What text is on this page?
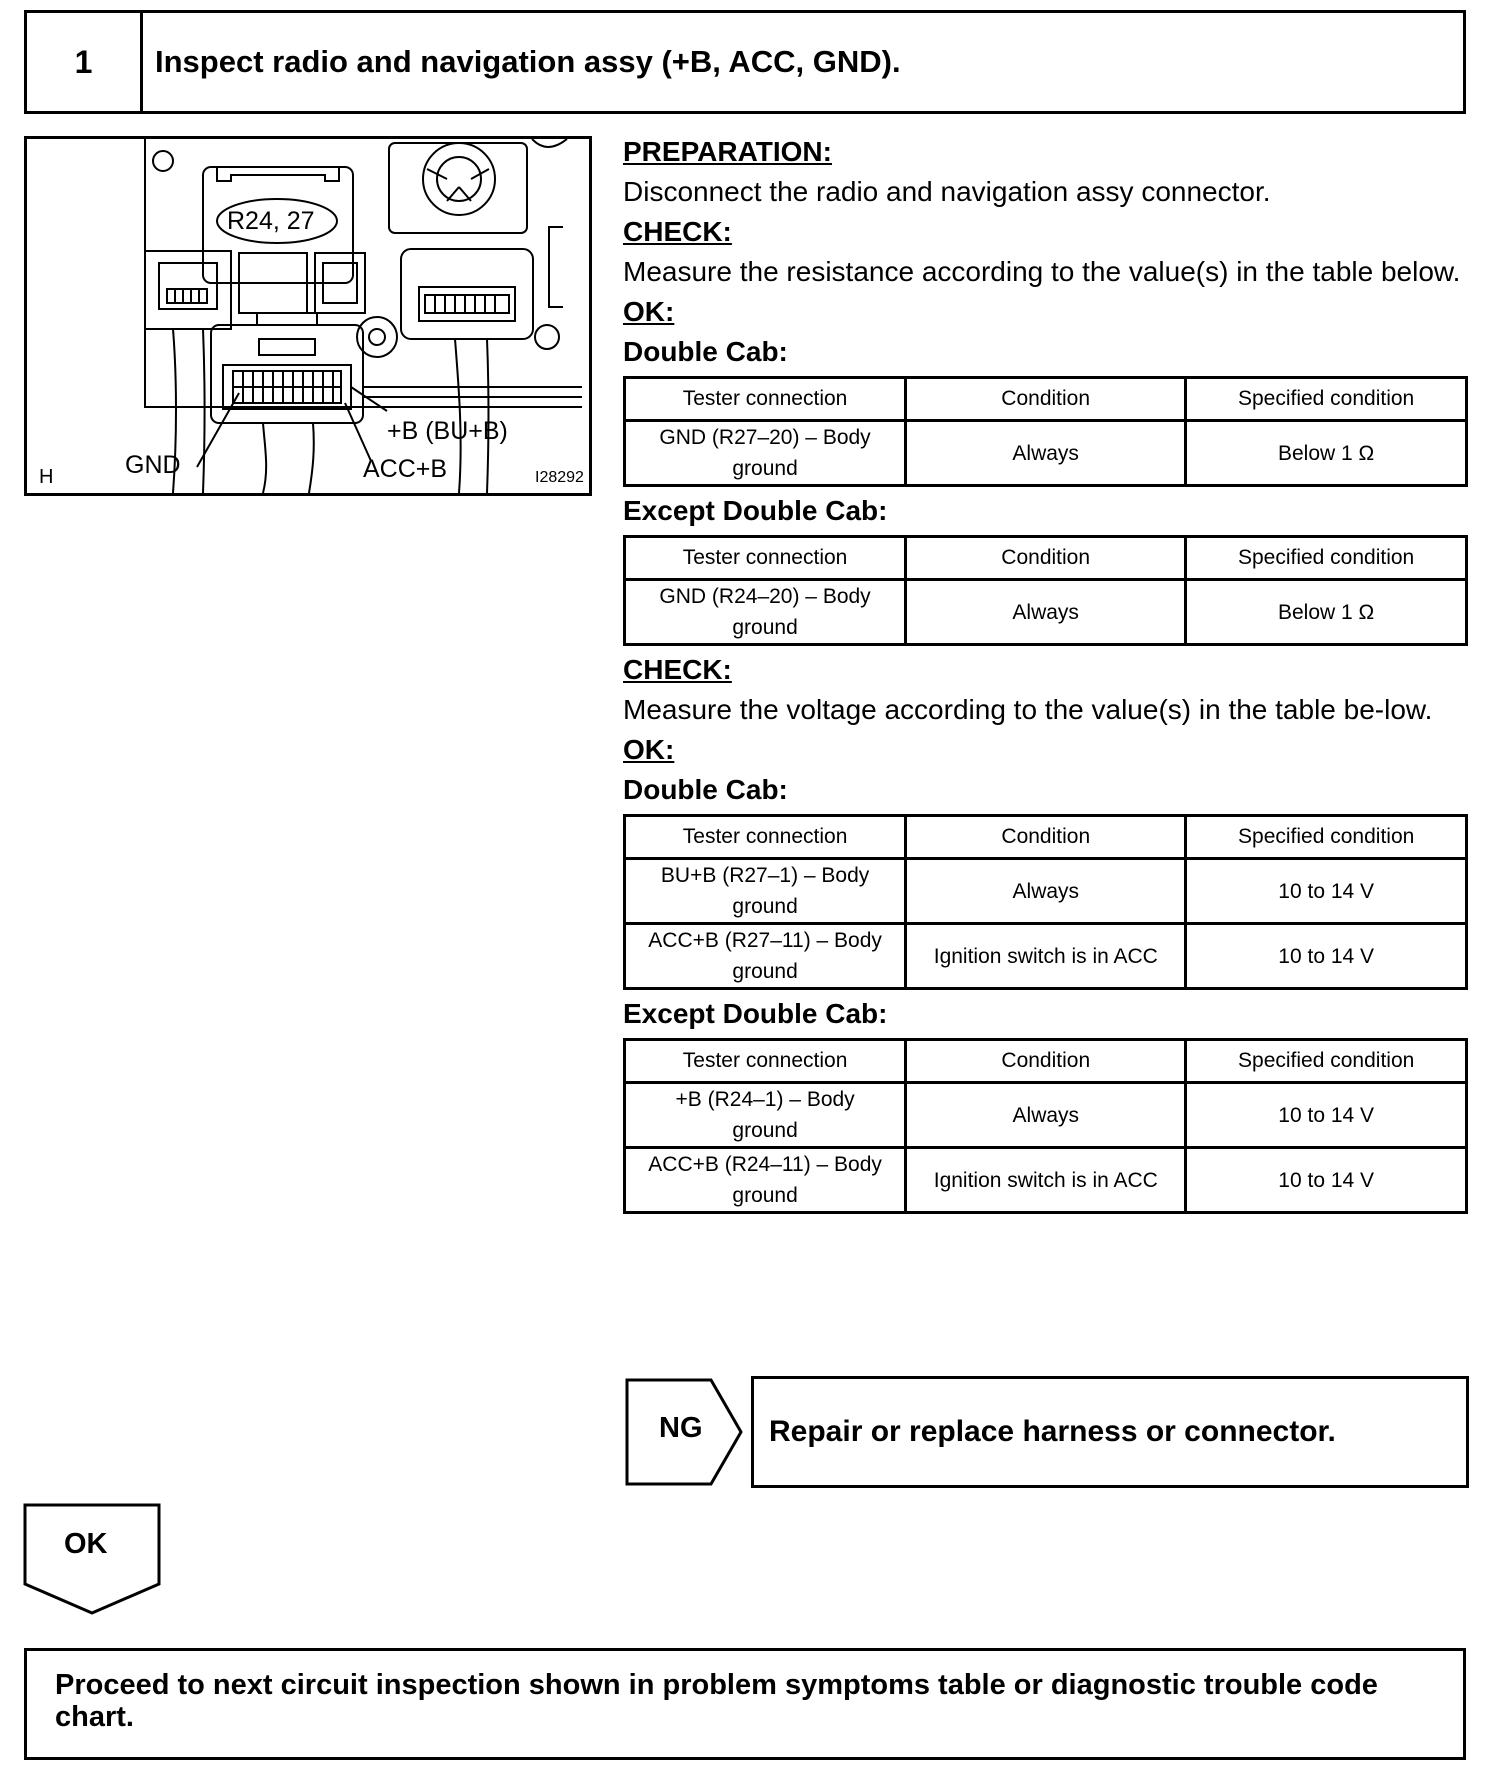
1	Inspect radio and navigation assy (+B, ACC, GND).
R24, 27
+B (BU+B)
GND	ACC+B
H	I28292
PREPARATION:
Disconnect the radio and navigation assy connector.
CHECK:
Measure the resistance according to the value(s) in the table below.
OK:
Double Cab:
Tester connection	Condition	Specified condition
GND (R27–20) – Body ground	Always	Below 1 Ω
Except Double Cab:
Tester connection	Condition	Specified condition
GND (R24–20) – Body ground	Always	Below 1 Ω
CHECK:
Measure the voltage according to the value(s) in the table be-low.
OK:
Double Cab:
Tester connection	Condition	Specified condition
BU+B (R27–1) – Body ground	Always	10 to 14 V
ACC+B (R27–11) – Body ground	Ignition switch is in ACC	10 to 14 V
Except Double Cab:
Tester connection	Condition	Specified condition
+B (R24–1) – Body ground	Always	10 to 14 V
ACC+B (R24–11) – Body ground	Ignition switch is in ACC	10 to 14 V
NG Repair or replace harness or connector.
OK
Proceed to next circuit inspection shown in problem symptoms table or diagnostic trouble code chart.
